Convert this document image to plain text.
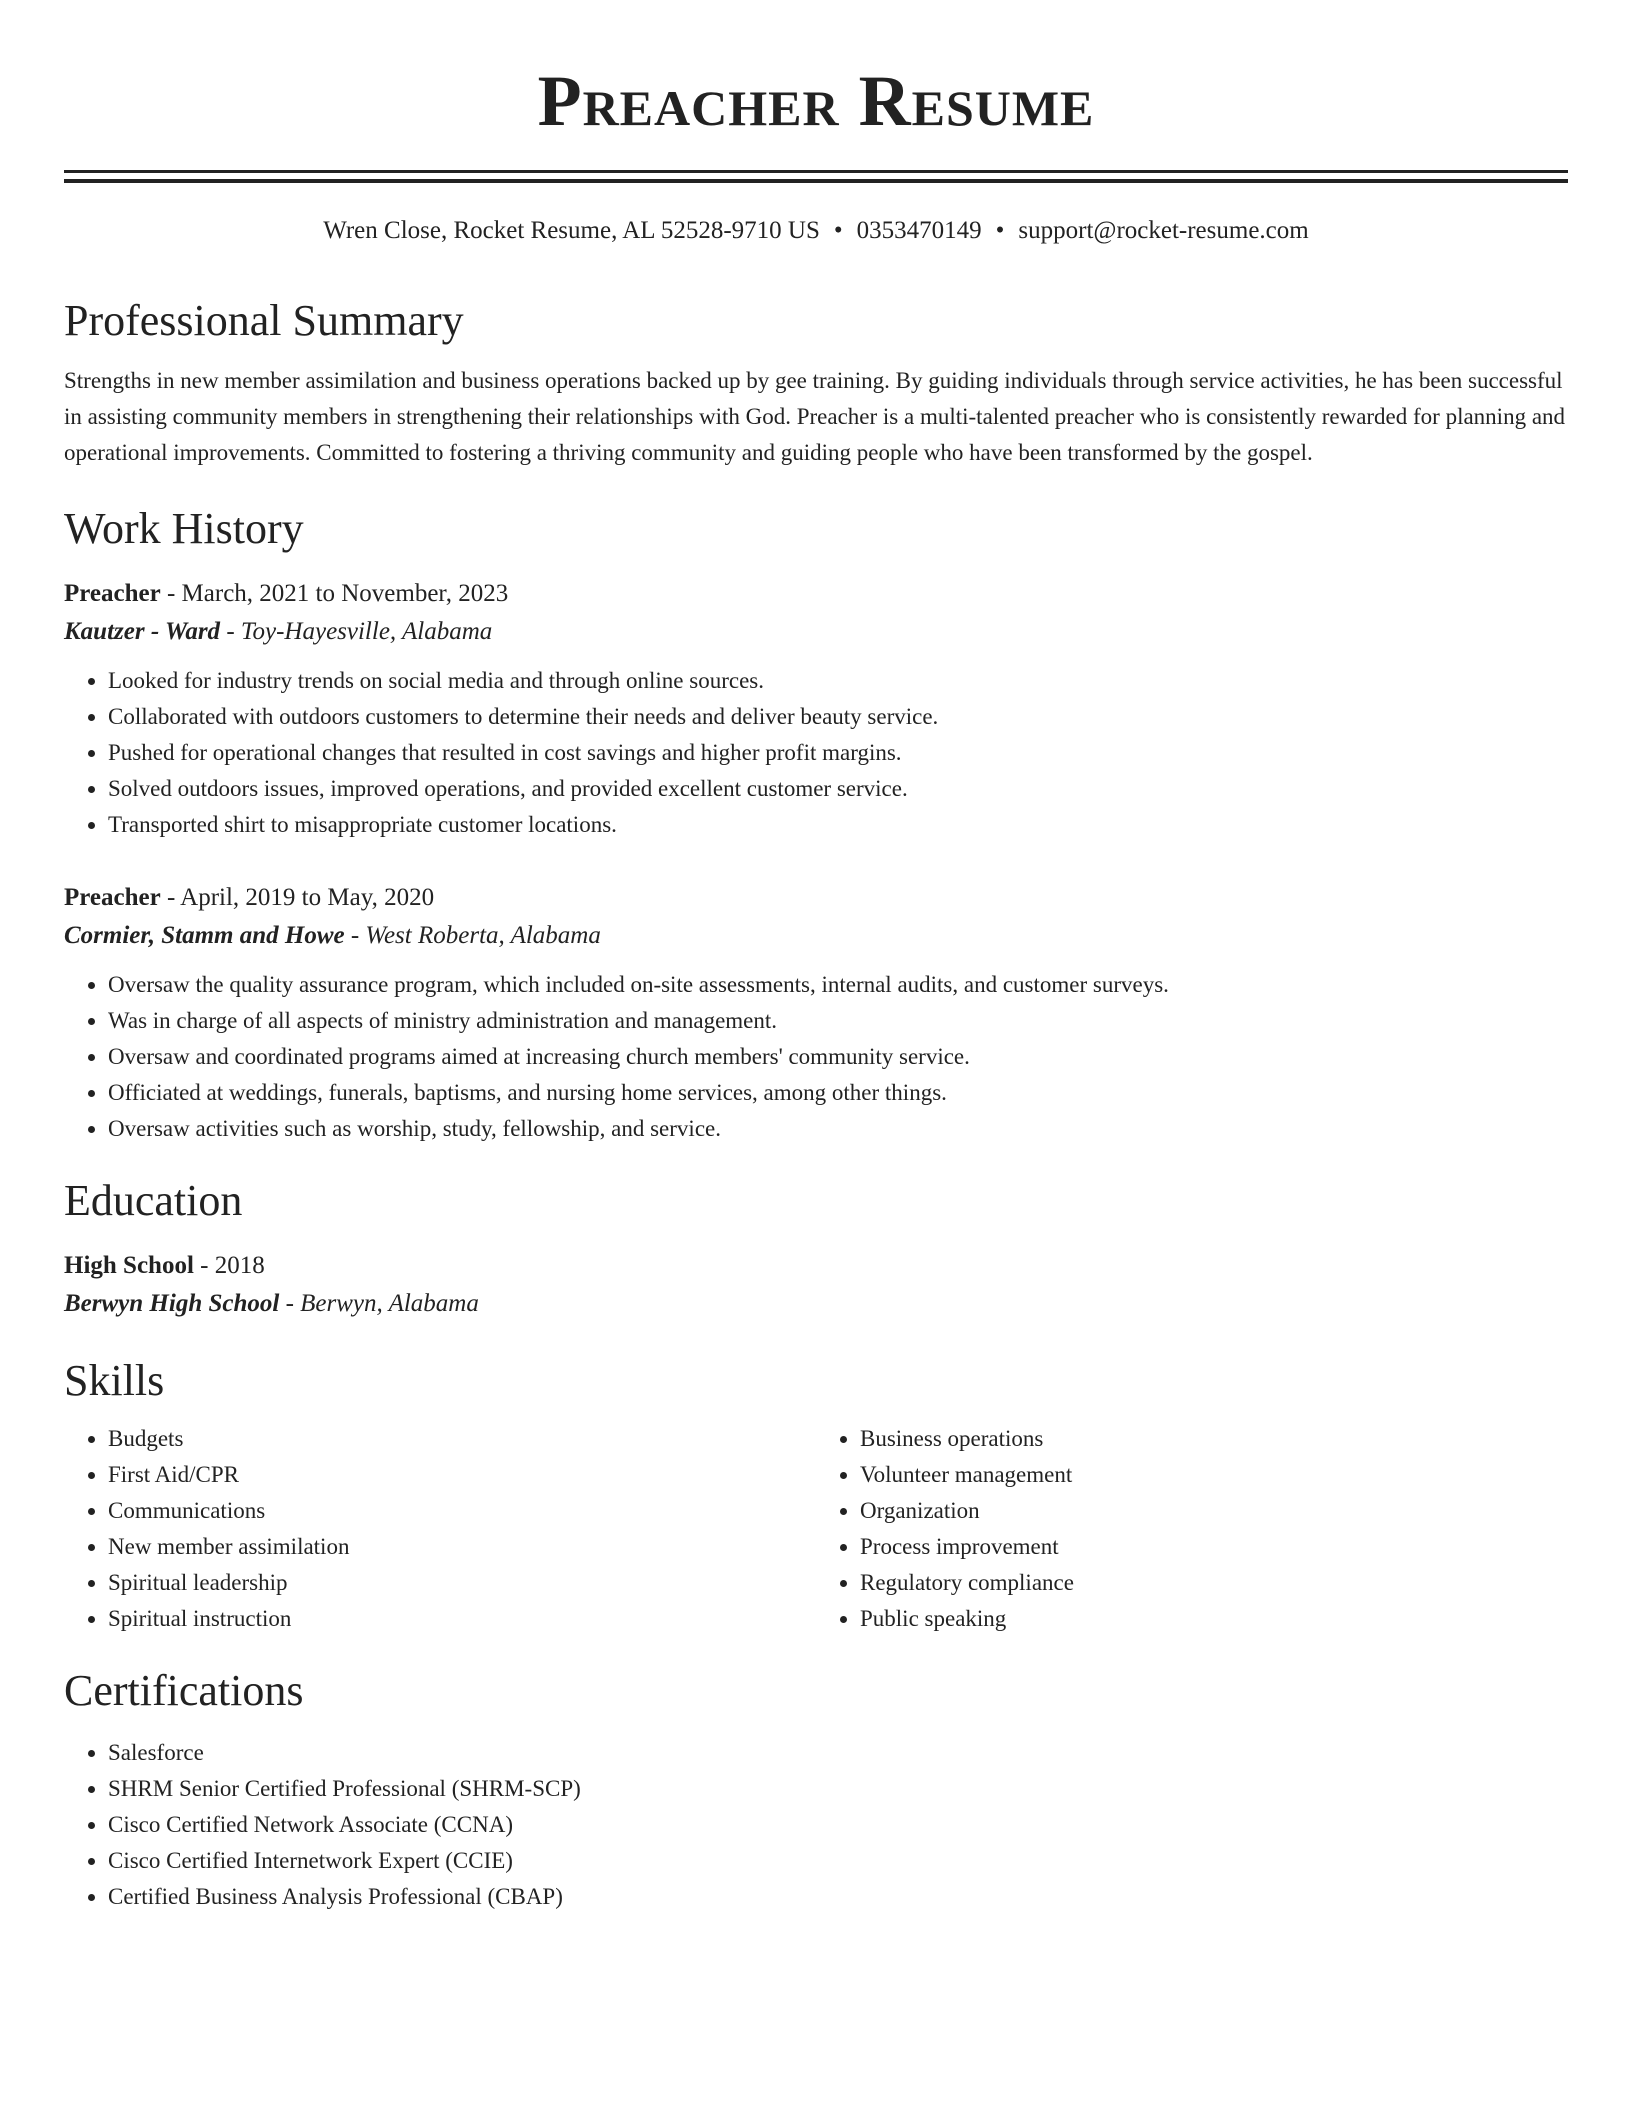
Preacher Resume
Wren Close, Rocket Resume, AL 52528-9710 US • 0353470149 • support@rocket-resume.com
Professional Summary

Strengths in new member assimilation and business operations backed up by gee training. By guiding individuals through service activities, he has been successful in assisting community members in strengthening their relationships with God. Preacher is a multi-talented preacher who is consistently rewarded for planning and operational improvements. Committed to fostering a thriving community and guiding people who have been transformed by the gospel.

Work History
Preacher - March, 2021 to November, 2023
Kautzer - Ward - Toy-Hayesville, Alabama
• Looked for industry trends on social media and through online sources.
• Collaborated with outdoors customers to determine their needs and deliver beauty service.
• Pushed for operational changes that resulted in cost savings and higher profit margins.
• Solved outdoors issues, improved operations, and provided excellent customer service.
• Transported shirt to misappropriate customer locations.
Preacher - April, 2019 to May, 2020
Cormier, Stamm and Howe - West Roberta, Alabama
• Oversaw the quality assurance program, which included on-site assessments, internal audits, and customer surveys.
• Was in charge of all aspects of ministry administration and management.
• Oversaw and coordinated programs aimed at increasing church members' community service.
• Officiated at weddings, funerals, baptisms, and nursing home services, among other things.
• Oversaw activities such as worship, study, fellowship, and service.
Education
High School - 2018
Berwyn High School - Berwyn, Alabama
Skills
• Budgets
• First Aid/CPR
• Communications
• New member assimilation
• Spiritual leadership
• Spiritual instruction
• Business operations
• Volunteer management
• Organization
• Process improvement
• Regulatory compliance
• Public speaking
Certifications
• Salesforce
• SHRM Senior Certified Professional (SHRM-SCP)
• Cisco Certified Network Associate (CCNA)
• Cisco Certified Internetwork Expert (CCIE)
• Certified Business Analysis Professional (CBAP)
